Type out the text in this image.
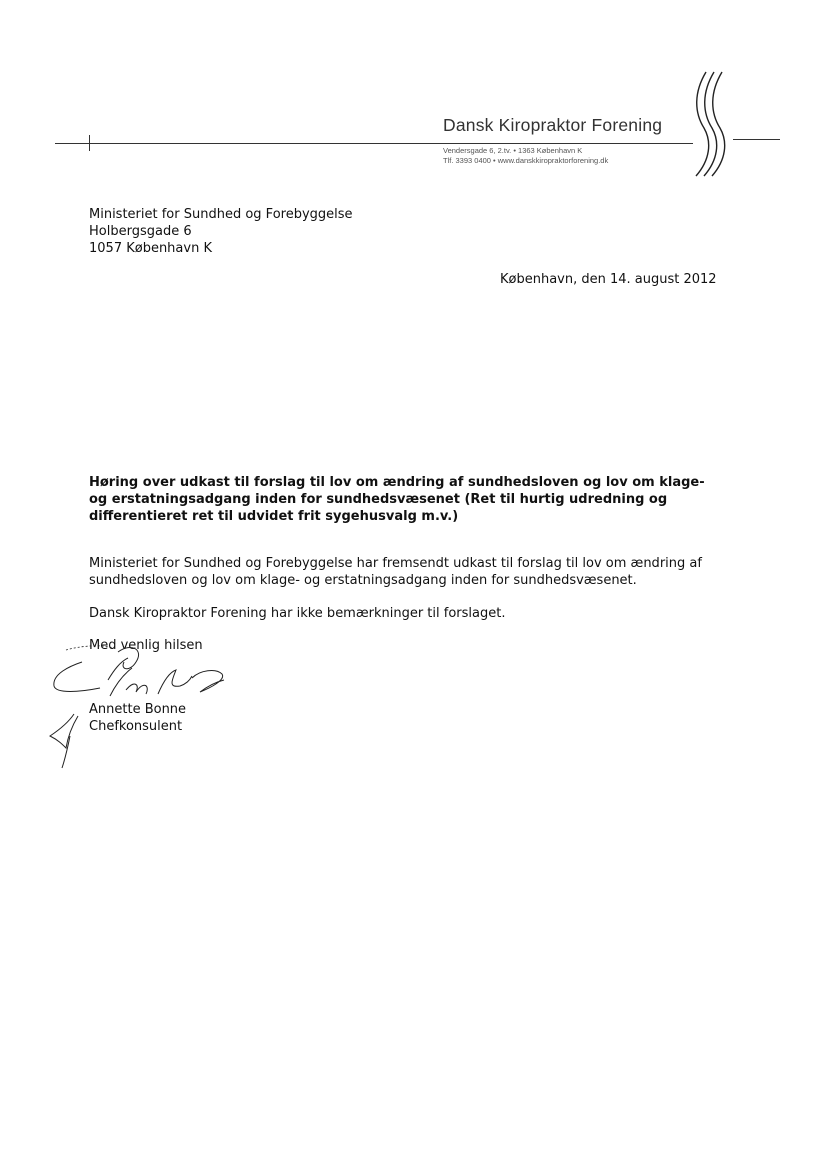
Dansk Kiropraktor Forening
Vendersgade 6, 2.tv. • 1363 København K
Tlf. 3393 0400 • www.danskkiropraktorforening.dk
Ministeriet for Sundhed og Forebyggelse
Holbergsgade 6
1057 København K
København, den 14. august 2012
Høring over udkast til forslag til lov om ændring af sundhedsloven og lov om klage-
og erstatningsadgang inden for sundhedsvæsenet (Ret til hurtig udredning og
differentieret ret til udvidet frit sygehusvalg m.v.)
Ministeriet for Sundhed og Forebyggelse har fremsendt udkast til forslag til lov om ændring af
sundhedsloven og lov om klage- og erstatningsadgang inden for sundhedsvæsenet.
Dansk Kiropraktor Forening har ikke bemærkninger til forslaget.
Med venlig hilsen
Annette Bonne
Chefkonsulent
